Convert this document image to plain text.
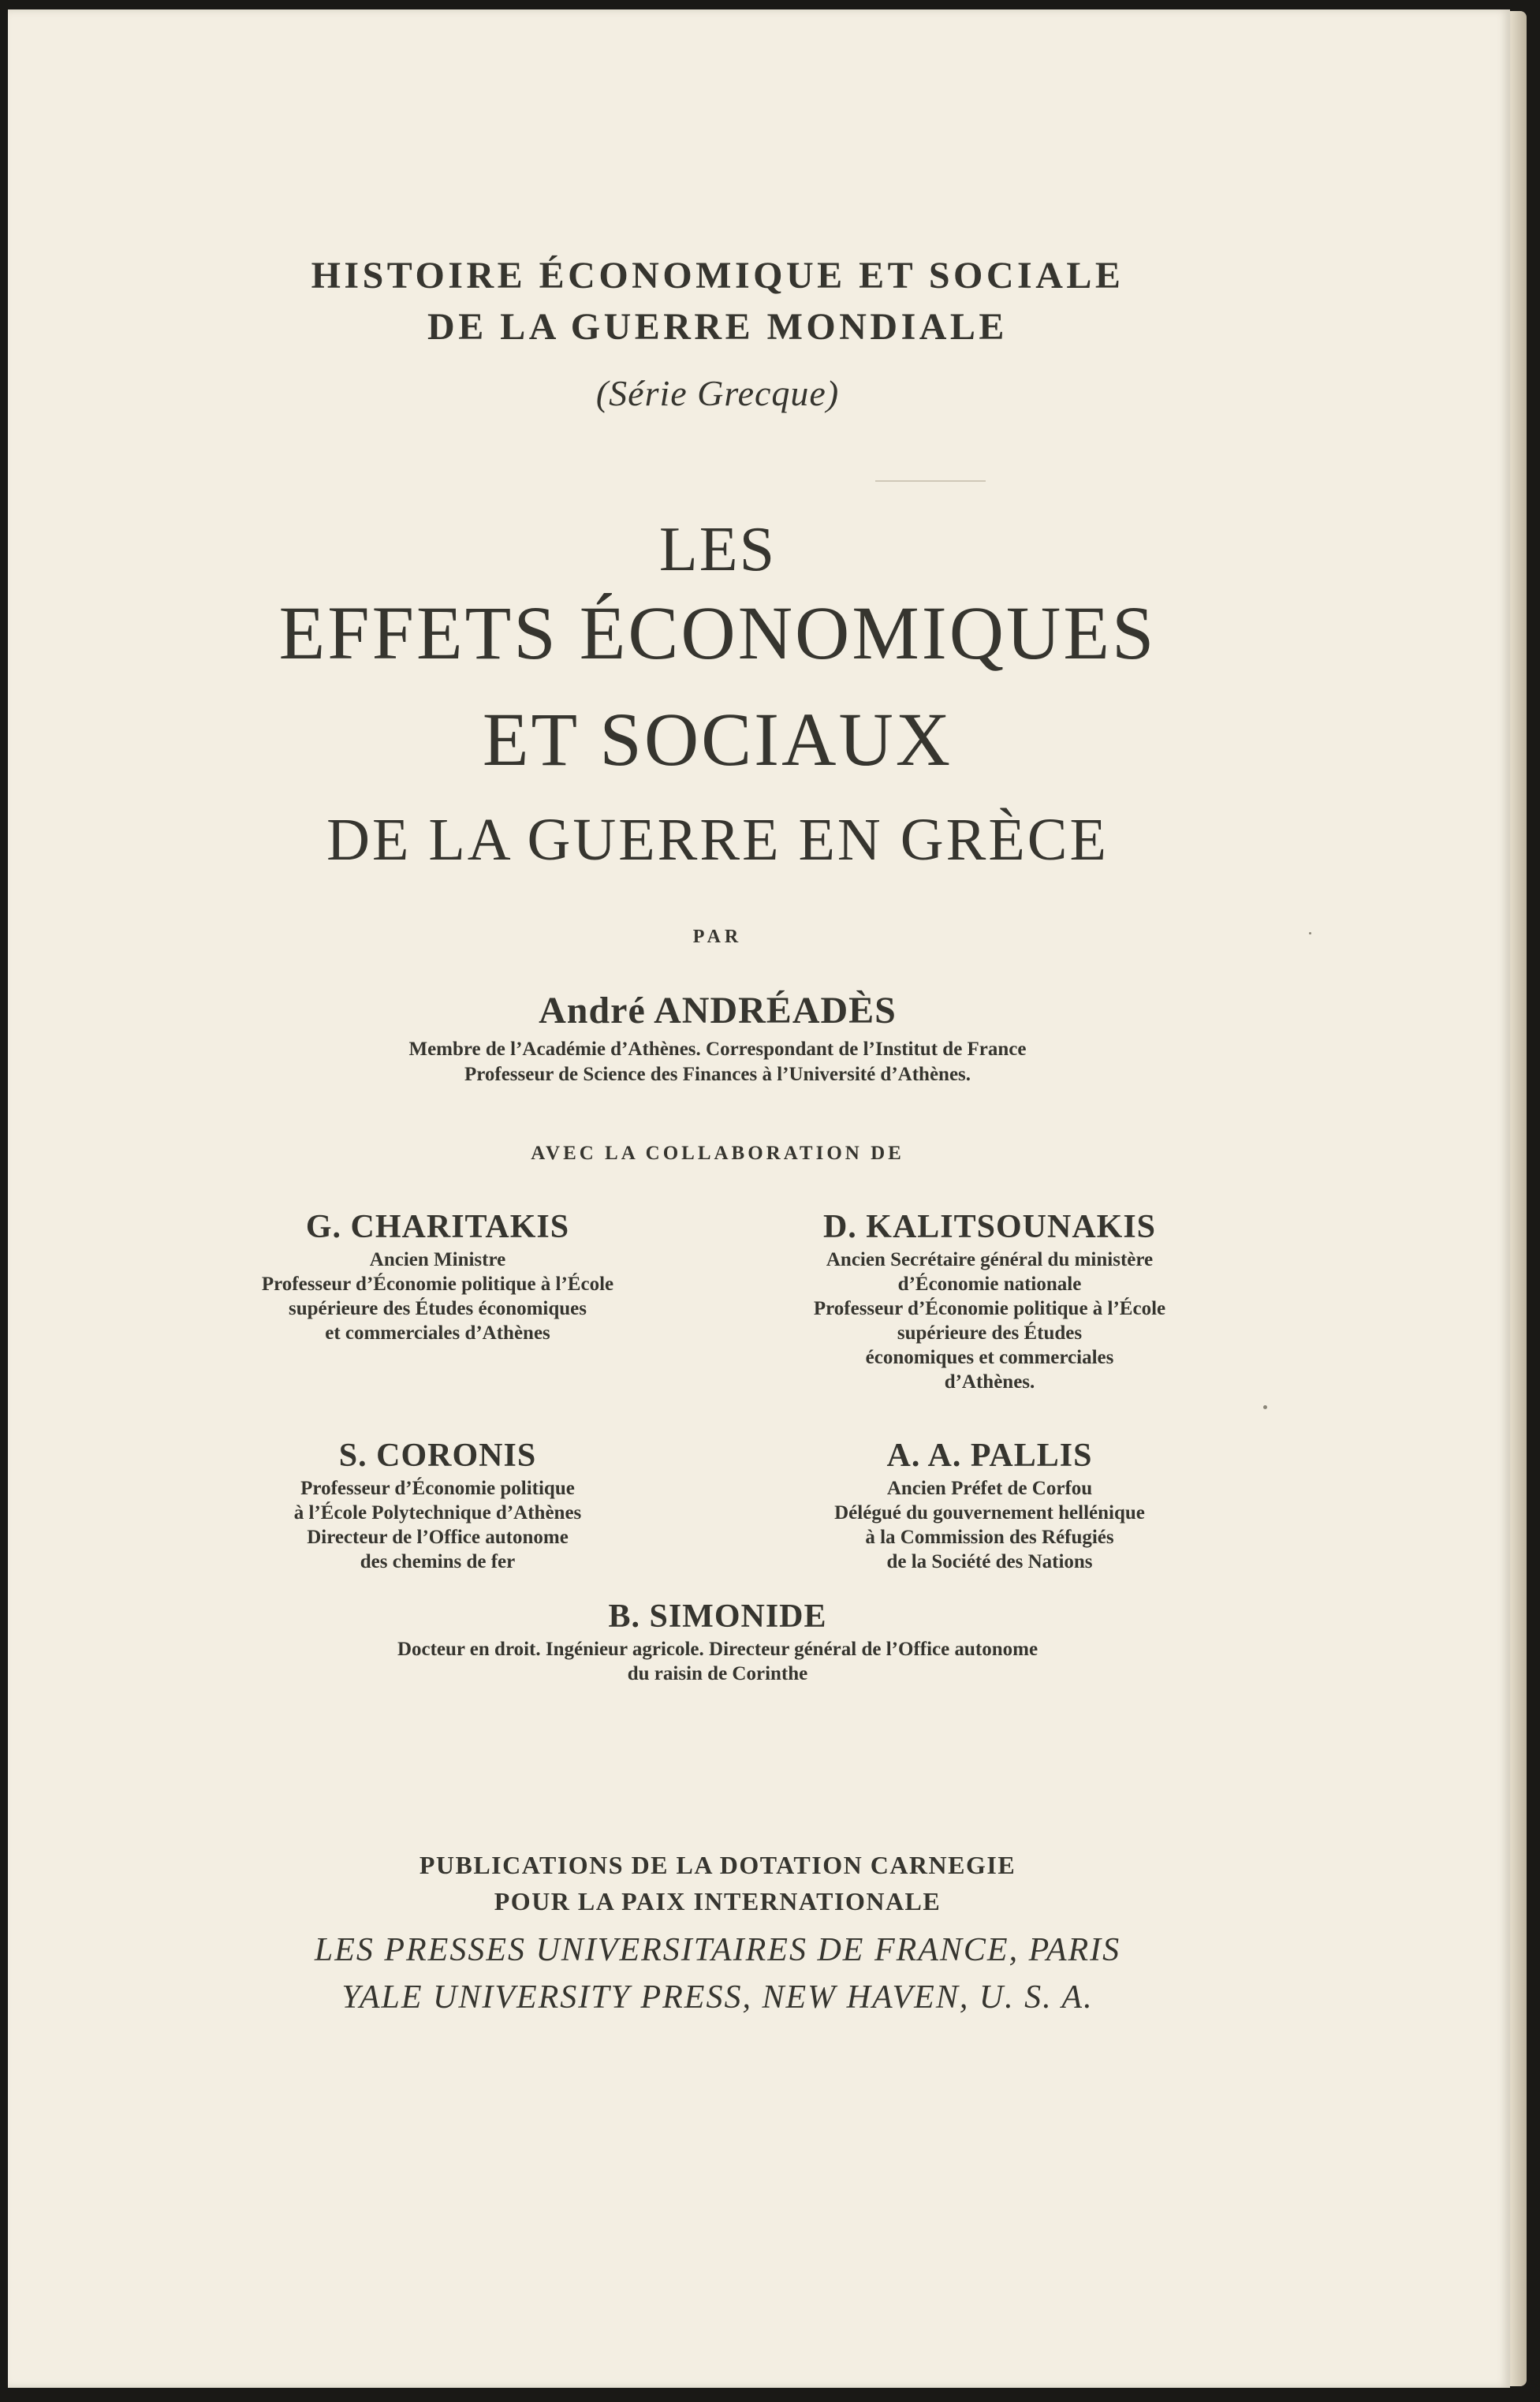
HISTOIRE ÉCONOMIQUE ET SOCIALE
DE LA GUERRE MONDIALE
(Série Grecque)
LES
EFFETS ÉCONOMIQUES
ET SOCIAUX
DE LA GUERRE EN GRÈCE
PAR
André ANDRÉADÈS
Membre de l’Académie d’Athènes. Correspondant de l’Institut de France
Professeur de Science des Finances à l’Université d’Athènes.
AVEC LA COLLABORATION DE
G. CHARITAKIS
Ancien Ministre
Professeur d’Économie politique à l’École
supérieure des Études économiques
et commerciales d’Athènes
D. KALITSOUNAKIS
Ancien Secrétaire général du ministère
d’Économie nationale
Professeur d’Économie politique à l’École
supérieure des Études
économiques et commerciales
d’Athènes.
S. CORONIS
Professeur d’Économie politique
à l’École Polytechnique d’Athènes
Directeur de l’Office autonome
des chemins de fer
A. A. PALLIS
Ancien Préfet de Corfou
Délégué du gouvernement hellénique
à la Commission des Réfugiés
de la Société des Nations
B. SIMONIDE
Docteur en droit. Ingénieur agricole. Directeur général de l’Office autonome
du raisin de Corinthe
PUBLICATIONS DE LA DOTATION CARNEGIE
POUR LA PAIX INTERNATIONALE
LES PRESSES UNIVERSITAIRES DE FRANCE, PARIS
YALE UNIVERSITY PRESS, NEW HAVEN, U. S. A.
